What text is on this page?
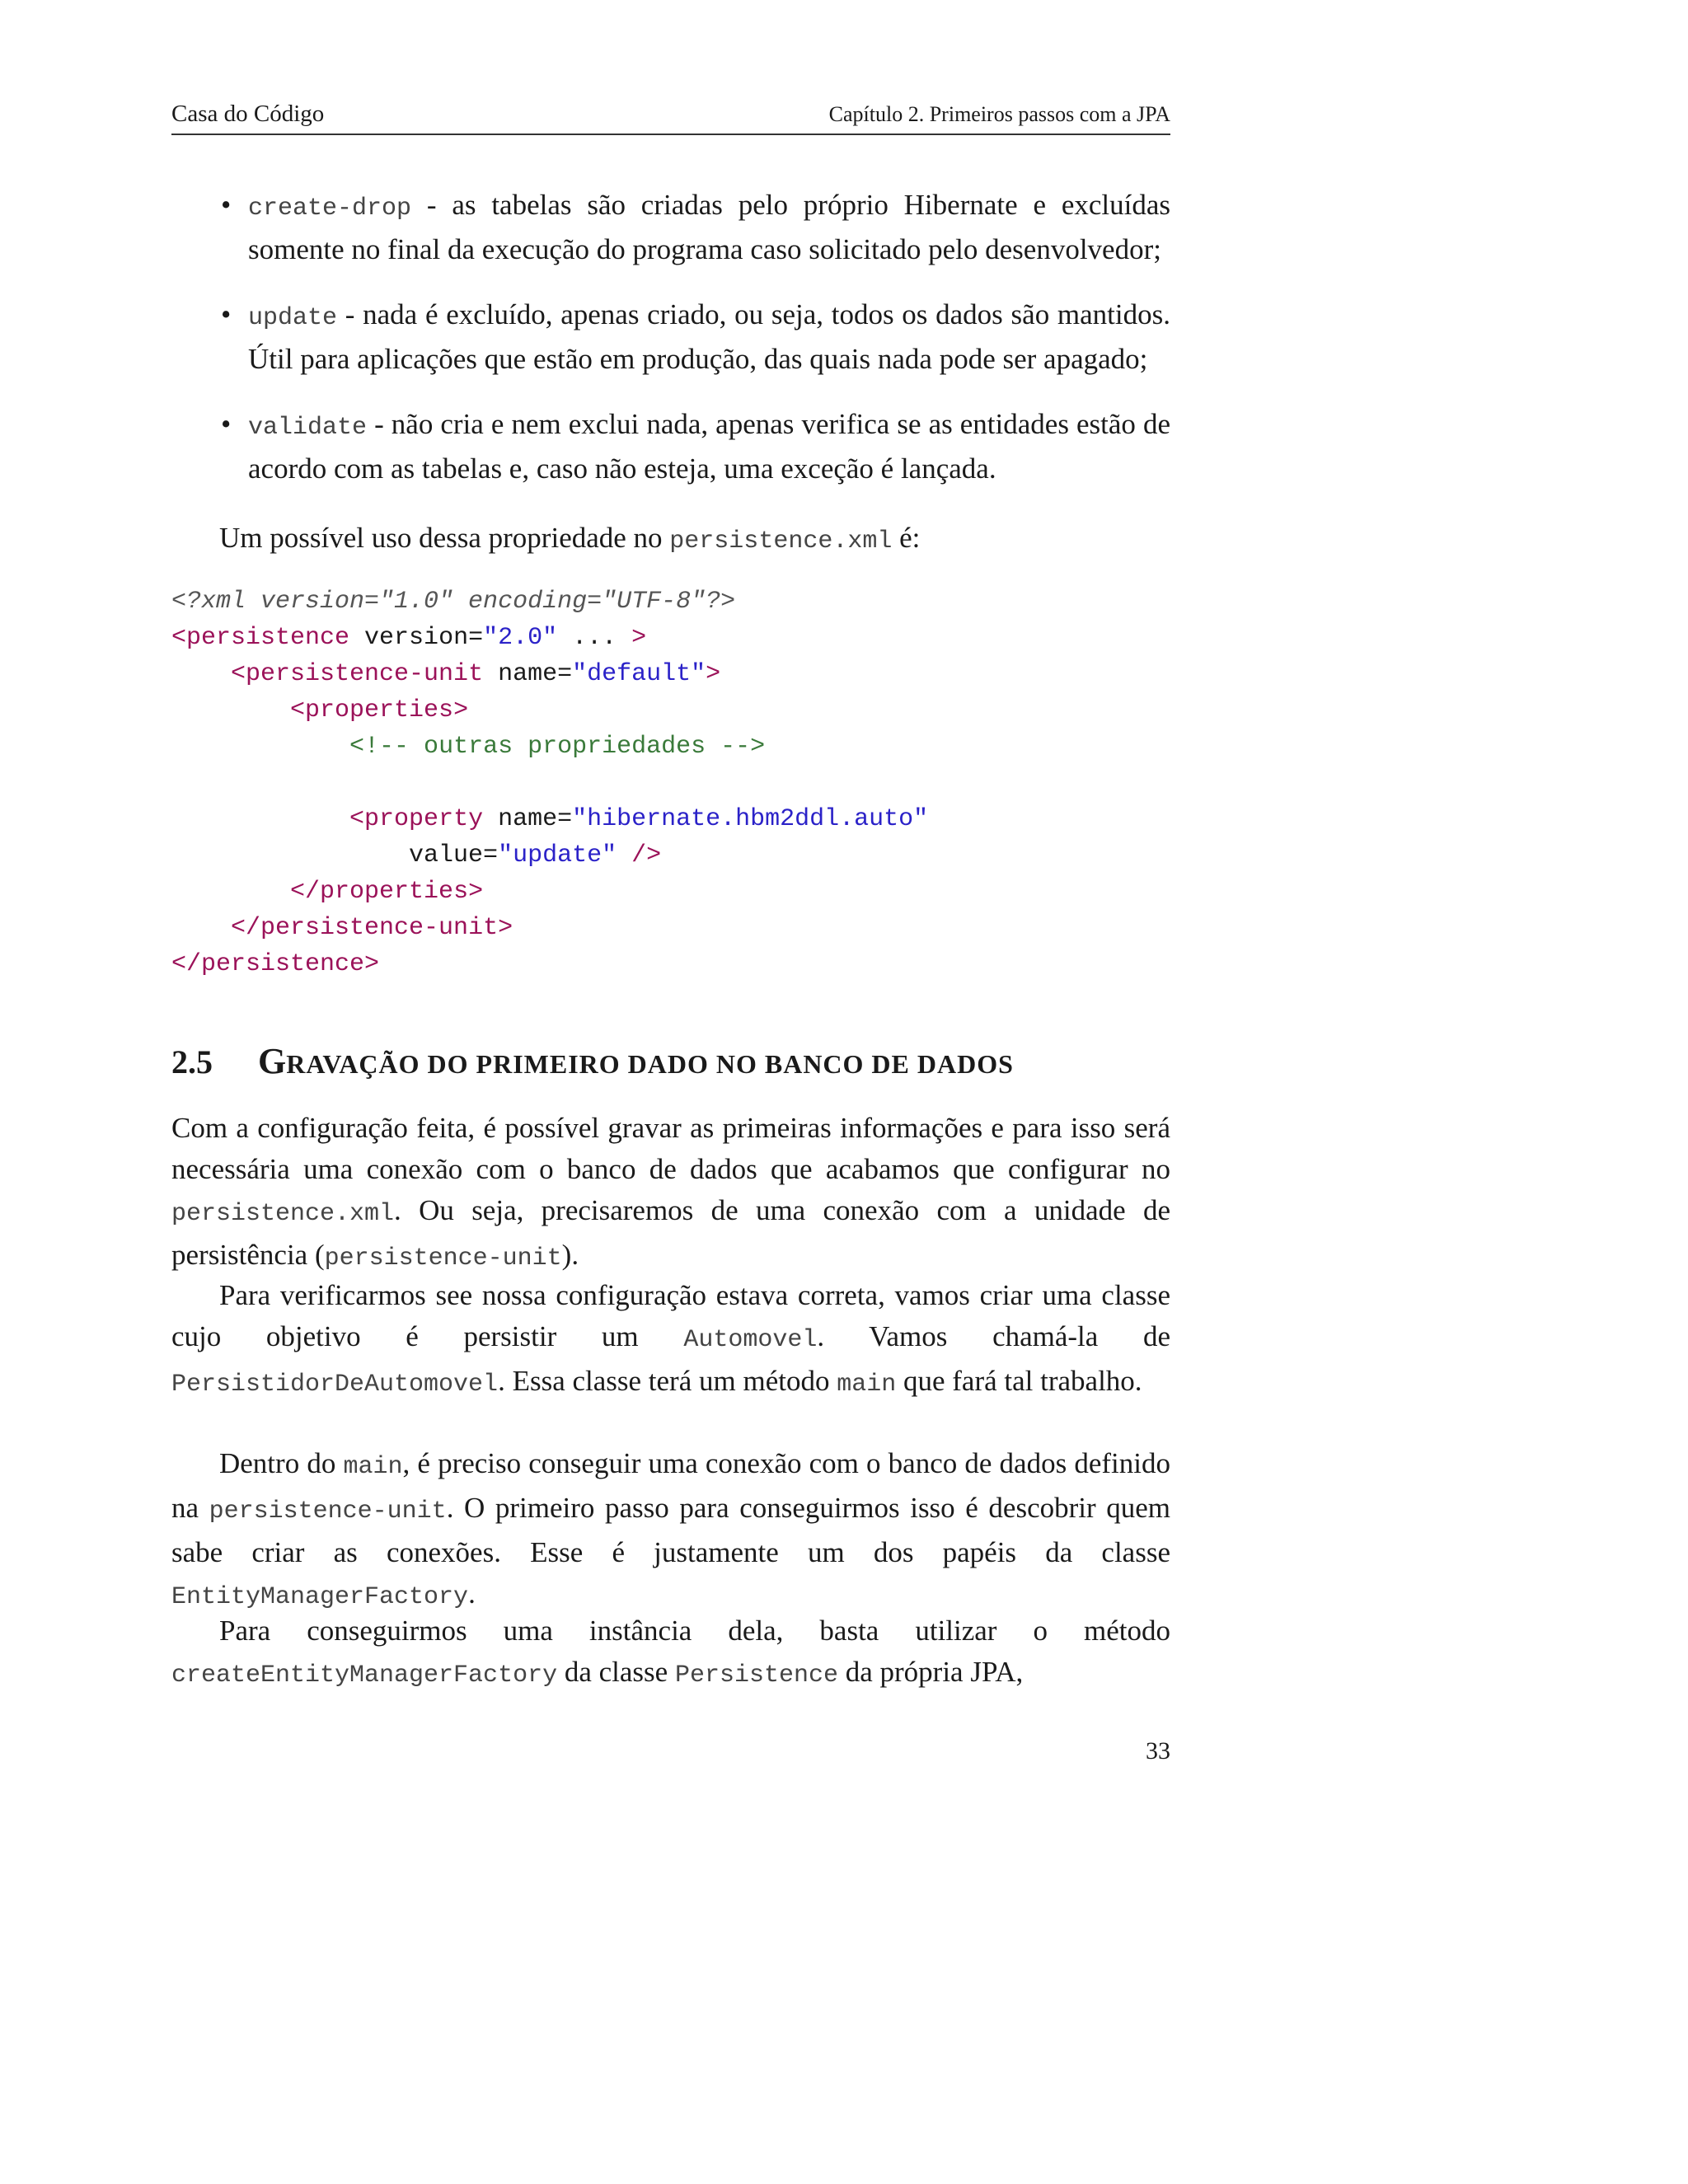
Casa do Código	Capítulo 2. Primeiros passos com a JPA
• create-drop - as tabelas são criadas pelo próprio Hibernate e excluídas somente no final da execução do programa caso solicitado pelo desenvolvedor;
• update - nada é excluído, apenas criado, ou seja, todos os dados são mantidos. Útil para aplicações que estão em produção, das quais nada pode ser apagado;
• validate - não cria e nem exclui nada, apenas verifica se as entidades estão de acordo com as tabelas e, caso não esteja, uma exceção é lançada.
Um possível uso dessa propriedade no persistence.xml é:
<?xml version="1.0" encoding="UTF-8"?>
<persistence version="2.0" ... >
<persistence-unit name="default">
<properties>
<!-- outras propriedades -->

<property name="hibernate.hbm2ddl.auto"
value="update" />
</properties>
</persistence-unit>
</persistence>
2.5 GRAVAÇÃO DO PRIMEIRO DADO NO BANCO DE DADOS

Com a configuração feita, é possível gravar as primeiras informações e para isso será necessária uma conexão com o banco de dados que acabamos que configurar no persistence.xml. Ou seja, precisaremos de uma conexão com a unidade de persistência (persistence-unit).

Para verificarmos see nossa configuração estava correta, vamos criar uma classe cujo objetivo é persistir um Automovel. Vamos chamá-la de PersistidorDeAutomovel. Essa classe terá um método main que fará tal trabalho.

Dentro do main, é preciso conseguir uma conexão com o banco de dados definido na persistence-unit. O primeiro passo para conseguirmos isso é descobrir quem sabe criar as conexões. Esse é justamente um dos papéis da classe EntityManagerFactory.

Para conseguirmos uma instância dela, basta utilizar o método createEntityManagerFactory da classe Persistence da própria JPA,

33
